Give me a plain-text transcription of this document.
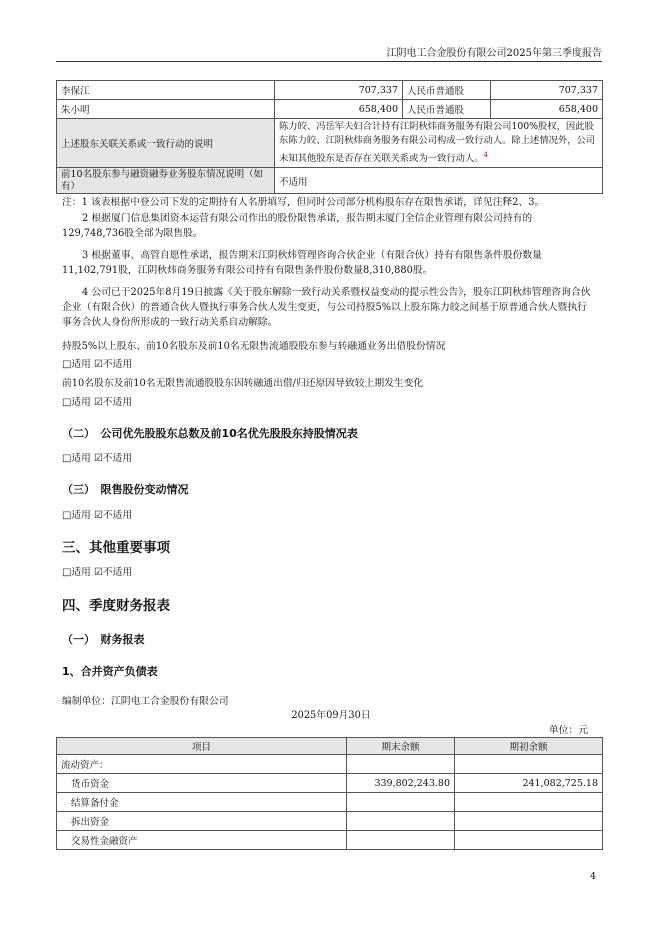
江阴电工合金股份有限公司2025年第三季度报告
李保江	707,337	人民币普通股	707,337
朱小明	658,400	人民币普通股	658,400
上述股东关联关系或一致行动的说明	陈力皎、冯岳军夫妇合计持有江阴秋炜商务服务有限公司100%股权，因此股东陈力皎、江阴秋炜商务服务有限公司构成一致行动人。除上述情况外，公司未知其他股东是否存在关联关系或为一致行动人。$^4$
前10名股东参与融资融券业务股东情况说明（如有）	不适用		
注：1 该表根据中登公司下发的定期持有人名册填写，但同时公司部分机构股东存在限售承诺，详见注释2、3。
2 根据厦门信息集团资本运营有限公司作出的股份限售承诺，报告期末厦门全信企业管理有限公司持有的129,748,736股全部为限售股。
3 根据董事、高管自愿性承诺，报告期末江阴秋炜管理咨询合伙企业（有限合伙）持有有限售条件股份数量11,102,791股，江阴秋炜商务服务有限公司持有有限售条件股份数量8,310,880股。
4 公司已于2025年8月19日披露《关于股东解除一致行动关系暨权益变动的提示性公告》，股东江阴秋炜管理咨询合伙企业（有限合伙）的普通合伙人暨执行事务合伙人发生变更，与公司持股5%以上股东陈力皎之间基于原普通合伙人暨执行事务合伙人身份所形成的一致行动关系自动解除。
持股5%以上股东、前10名股东及前10名无限售流通股股东参与转融通业务出借股份情况
□适用 ☑不适用
前10名股东及前10名无限售流通股股东因转融通出借/归还原因导致较上期发生变化
□适用 ☑不适用
（二）　公司优先股股东总数及前10名优先股股东持股情况表
□适用 ☑不适用
（三）　限售股份变动情况
□适用 ☑不适用
三、其他重要事项
□适用 ☑不适用
四、季度财务报表
（一）　财务报表
1、合并资产负债表
编制单位：江阴电工合金股份有限公司
2025年09月30日
单位：元
项目	期末余额	期初余额
流动资产：		
货币资金	339,802,243.80	241,082,725.18
结算备付金		
拆出资金		
交易性金融资产		
4
